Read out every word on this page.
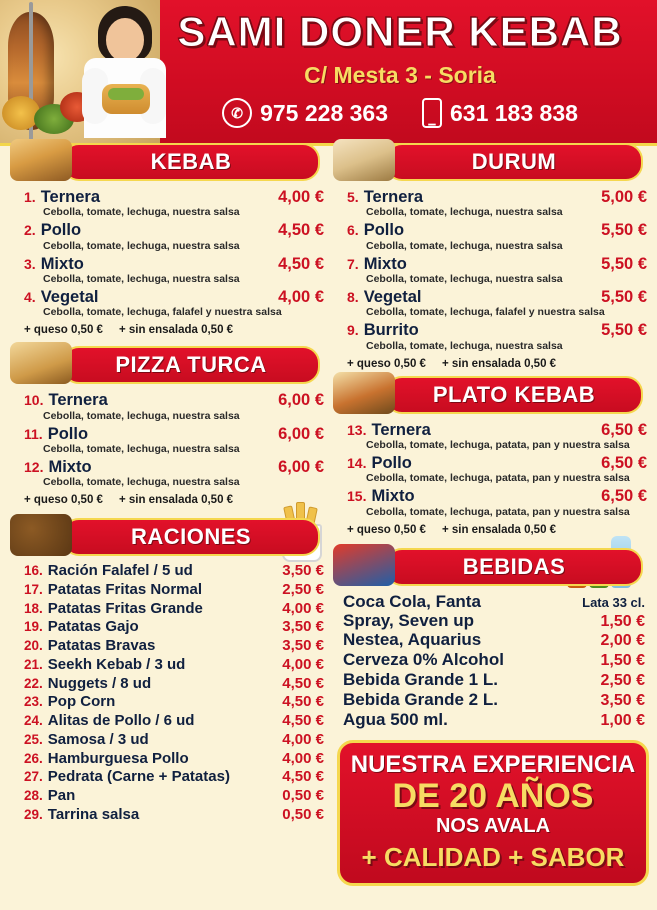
SAMI DONER KEBAB
C/ Mesta 3 - Soria
✆ 975 228 363	▁ 631 183 838
KEBAB
1. Ternera	4,00 €
Cebolla, tomate, lechuga, nuestra salsa
2. Pollo	4,50 €
Cebolla, tomate, lechuga, nuestra salsa
3. Mixto	4,50 €
Cebolla, tomate, lechuga, nuestra salsa
4. Vegetal	4,00 €
Cebolla, tomate, lechuga, falafel y nuestra salsa
+ queso 0,50 € + sin ensalada 0,50 €
PIZZA TURCA
10. Ternera	6,00 €
Cebolla, tomate, lechuga, nuestra salsa
11. Pollo	6,00 €
Cebolla, tomate, lechuga, nuestra salsa
12. Mixto	6,00 €
Cebolla, tomate, lechuga, nuestra salsa
+ queso 0,50 € + sin ensalada 0,50 €
RACIONES
16. Ración Falafel / 5 ud	3,50 €
17. Patatas Fritas Normal	2,50 €
18. Patatas Fritas Grande	4,00 €
19. Patatas Gajo	3,50 €
20. Patatas Bravas	3,50 €
21. Seekh Kebab / 3 ud	4,00 €
22. Nuggets / 8 ud	4,50 €
23. Pop Corn	4,50 €
24. Alitas de Pollo / 6 ud	4,50 €
25. Samosa / 3 ud	4,00 €
26. Hamburguesa Pollo	4,00 €
27. Pedrata (Carne + Patatas)	4,50 €
28. Pan	0,50 €
29. Tarrina salsa	0,50 €
DURUM
5. Ternera	5,00 €
Cebolla, tomate, lechuga, nuestra salsa
6. Pollo	5,50 €
Cebolla, tomate, lechuga, nuestra salsa
7. Mixto	5,50 €
Cebolla, tomate, lechuga, nuestra salsa
8. Vegetal	5,50 €
Cebolla, tomate, lechuga, falafel y nuestra salsa
9. Burrito	5,50 €
Cebolla, tomate, lechuga, nuestra salsa
+ queso 0,50 € + sin ensalada 0,50 €
PLATO KEBAB
13. Ternera	6,50 €
Cebolla, tomate, lechuga, patata, pan y nuestra salsa
14. Pollo	6,50 €
Cebolla, tomate, lechuga, patata, pan y nuestra salsa
15. Mixto	6,50 €
Cebolla, tomate, lechuga, patata, pan y nuestra salsa
+ queso 0,50 € + sin ensalada 0,50 €
BEBIDAS
Coca Cola, Fanta	Lata 33 cl.
Spray, Seven up	1,50 €
Nestea, Aquarius	2,00 €
Cerveza 0% Alcohol	1,50 €
Bebida Grande 1 L.	2,50 €
Bebida Grande 2 L.	3,50 €
Agua 500 ml.	1,00 €
NUESTRA EXPERIENCIA
DE 20 AÑOS
NOS AVALA
+ CALIDAD + SABOR
